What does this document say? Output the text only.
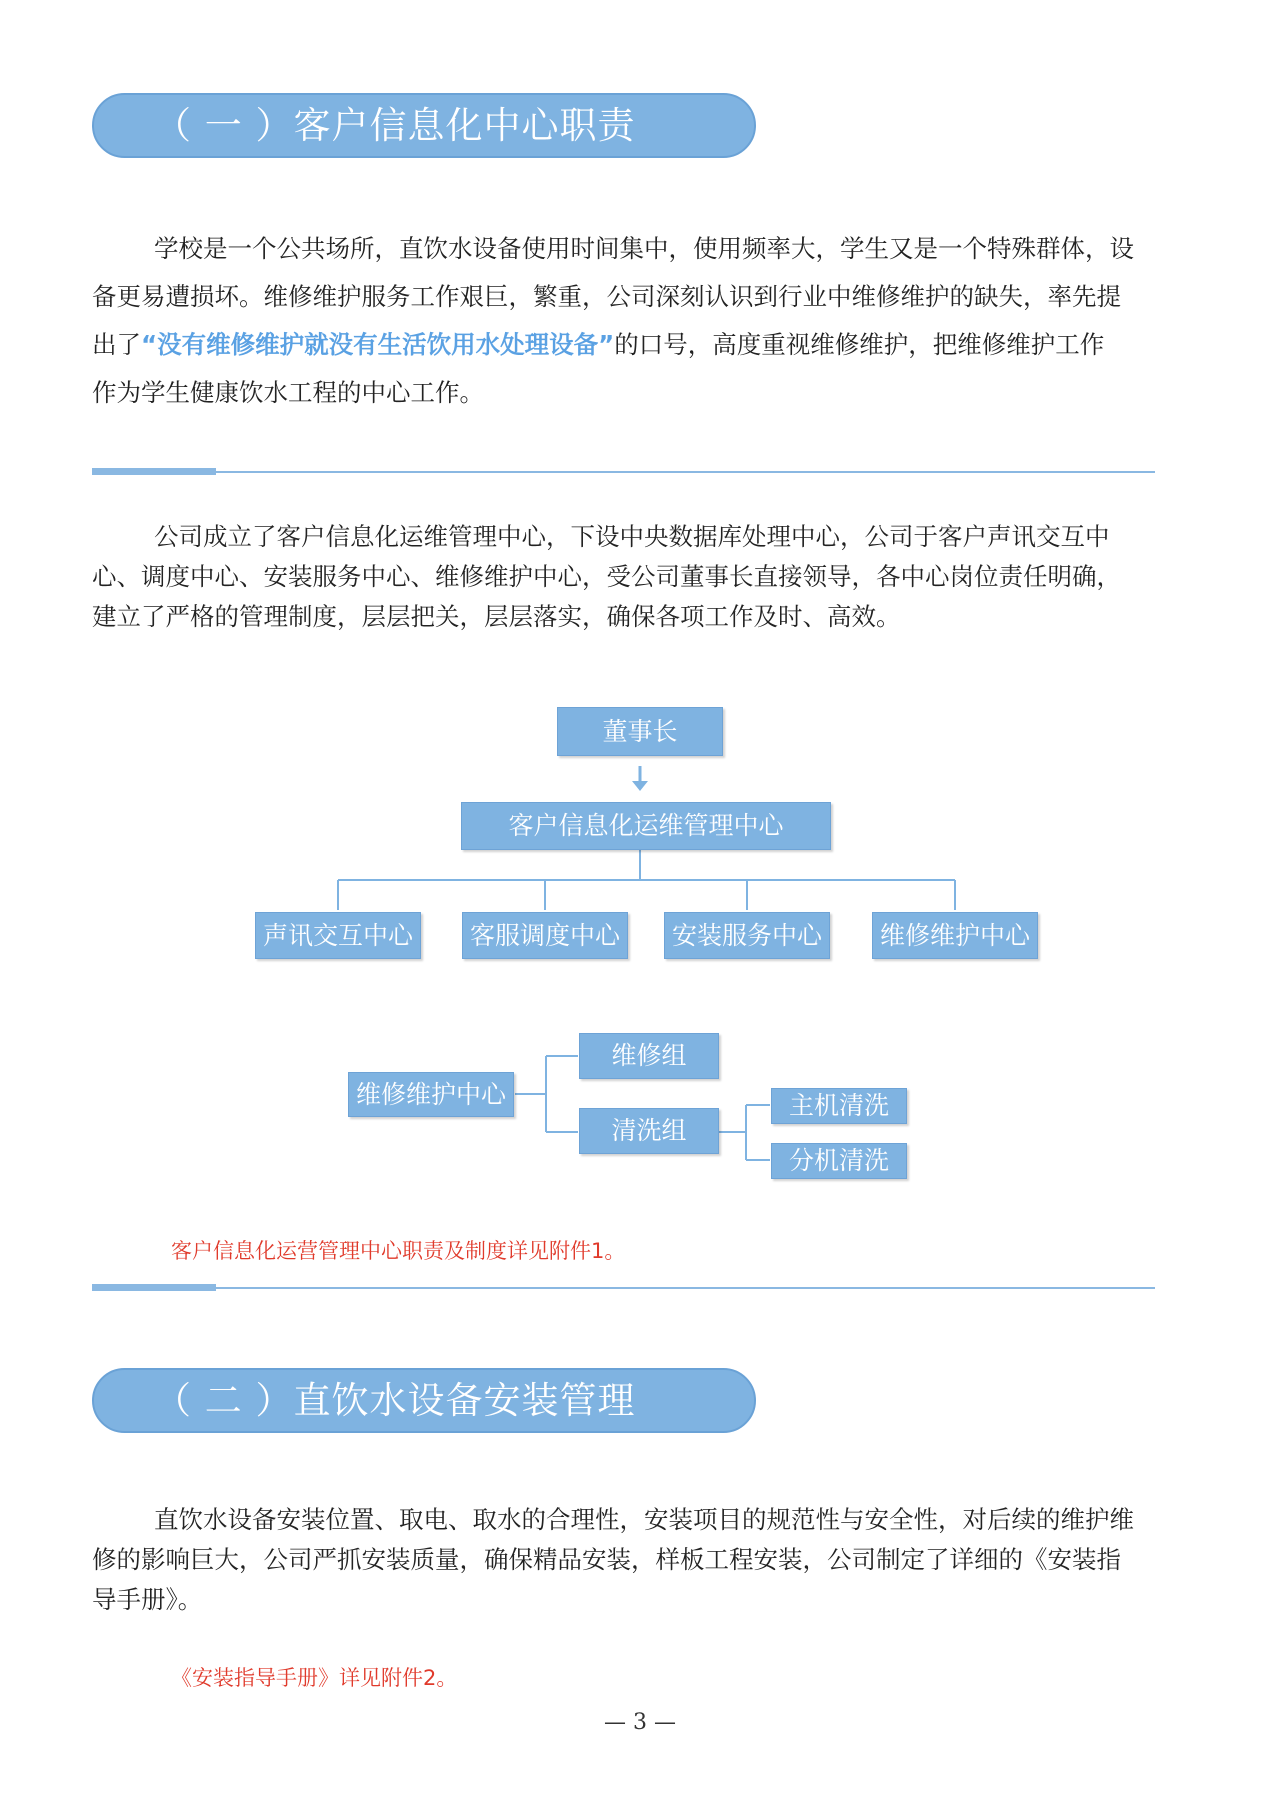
（ 一 ）客户信息化中心职责
学校是一个公共场所，直饮水设备使用时间集中，使用频率大，学生又是一个特殊群体，设
备更易遭损坏。维修维护服务工作艰巨，繁重，公司深刻认识到行业中维修维护的缺失，率先提
出了“没有维修维护就没有生活饮用水处理设备”的口号，高度重视维修维护，把维修维护工作
作为学生健康饮水工程的中心工作。
公司成立了客户信息化运维管理中心，下设中央数据库处理中心，公司于客户声讯交互中
心、调度中心、安装服务中心、维修维护中心，受公司董事长直接领导，各中心岗位责任明确，
建立了严格的管理制度，层层把关，层层落实，确保各项工作及时、高效。
董事长
客户信息化运维管理中心
声讯交互中心	客服调度中心	安装服务中心	维修维护中心
维修维护中心
维修组
清洗组
主机清洗
分机清洗
客户信息化运营管理中心职责及制度详见附件1。
（ 二 ）直饮水设备安装管理
直饮水设备安装位置、取电、取水的合理性，安装项目的规范性与安全性，对后续的维护维
修的影响巨大，公司严抓安装质量，确保精品安装，样板工程安装，公司制定了详细的《安装指
导手册》。
《安装指导手册》详见附件2。
— 3 —
